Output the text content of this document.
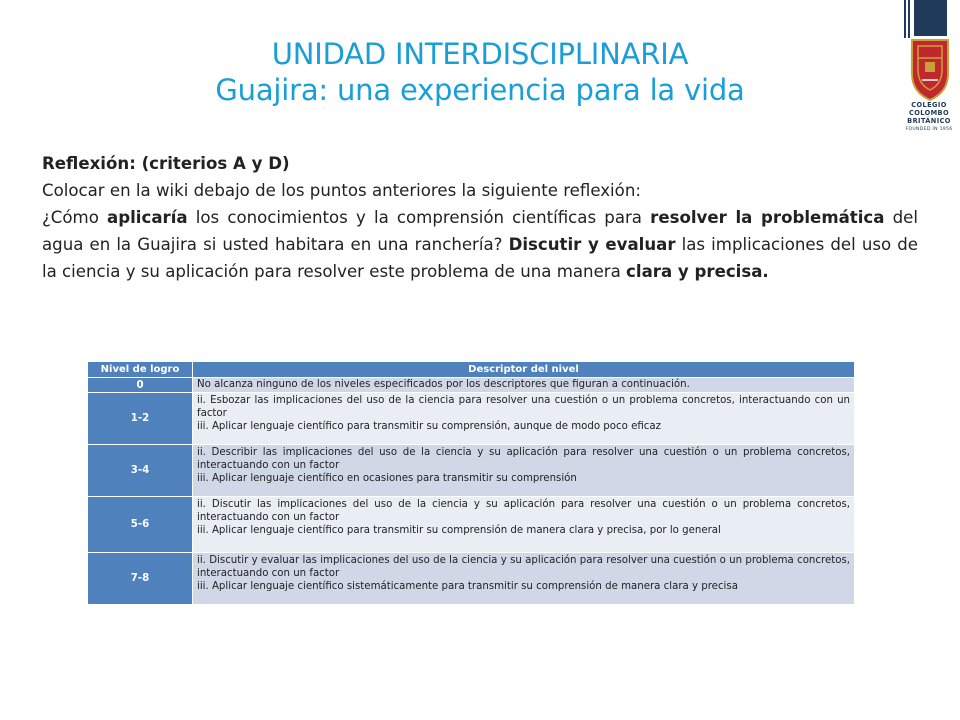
UNIDAD INTERDISCIPLINARIA
Guajira: una experiencia para la vida	COLEGIO
COLOMBO
BRITÁNICO
FOUNDED IN 1956

Reflexión: (criterios A y D)

Colocar en la wiki debajo de los puntos anteriores la siguiente reflexión:

¿Cómo aplicaría los conocimientos y la comprensión científicas para resolver la problemática del agua en la Guajira si usted habitara en una ranchería? Discutir y evaluar las implicaciones del uso de la ciencia y su aplicación para resolver este problema de una manera clara y precisa.

Nivel de logro	Descriptor del nivel
0	No alcanza ninguno de los niveles especificados por los descriptores que figuran a continuación.

1-2	ii. Esbozar las implicaciones del uso de la ciencia para resolver una cuestión o un problema concretos, interactuando con un factor
iii. Aplicar lenguaje científico para transmitir su comprensión, aunque de modo poco eficaz

3-4	ii. Describir las implicaciones del uso de la ciencia y su aplicación para resolver una cuestión o un problema concretos, interactuando con un factor
iii. Aplicar lenguaje científico en ocasiones para transmitir su comprensión

5-6	ii. Discutir las implicaciones del uso de la ciencia y su aplicación para resolver una cuestión o un problema concretos, interactuando con un factor
iii. Aplicar lenguaje científico para transmitir su comprensión de manera clara y precisa, por lo general

7-8	ii. Discutir y evaluar las implicaciones del uso de la ciencia y su aplicación para resolver una cuestión o un problema concretos, interactuando con un factor
iii. Aplicar lenguaje científico sistemáticamente para transmitir su comprensión de manera clara y precisa
